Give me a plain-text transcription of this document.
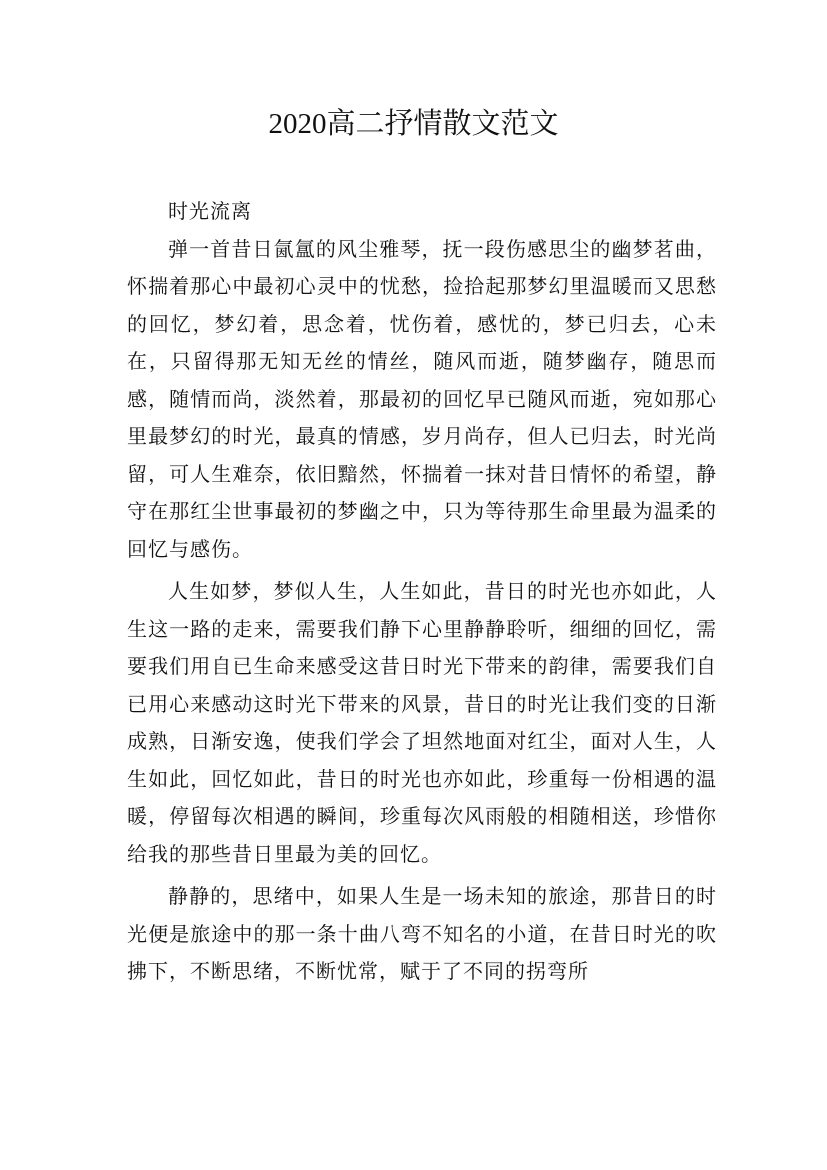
2020高二抒情散文范文

时光流离

弹一首昔日氤氲的风尘雅琴，抚一段伤感思尘的幽梦茗曲，怀揣着那心中最初心灵中的忧愁，捡拾起那梦幻里温暖而又思愁的回忆，梦幻着，思念着，忧伤着，感忧的，梦已归去，心未在，只留得那无知无丝的情丝，随风而逝，随梦幽存，随思而感，随情而尚，淡然着，那最初的回忆早已随风而逝，宛如那心里最梦幻的时光，最真的情感，岁月尚存，但人已归去，时光尚留，可人生难奈，依旧黯然，怀揣着一抹对昔日情怀的希望，静守在那红尘世事最初的梦幽之中，只为等待那生命里最为温柔的回忆与感伤。

人生如梦，梦似人生，人生如此，昔日的时光也亦如此，人生这一路的走来，需要我们静下心里静静聆听，细细的回忆，需要我们用自已生命来感受这昔日时光下带来的韵律，需要我们自已用心来感动这时光下带来的风景，昔日的时光让我们变的日渐成熟，日渐安逸，使我们学会了坦然地面对红尘，面对人生，人生如此，回忆如此，昔日的时光也亦如此，珍重每一份相遇的温暖，停留每次相遇的瞬间，珍重每次风雨般的相随相送，珍惜你给我的那些昔日里最为美的回忆。

静静的，思绪中，如果人生是一场未知的旅途，那昔日的时光便是旅途中的那一条十曲八弯不知名的小道，在昔日时光的吹拂下，不断思绪，不断忧常，赋于了不同的拐弯所
